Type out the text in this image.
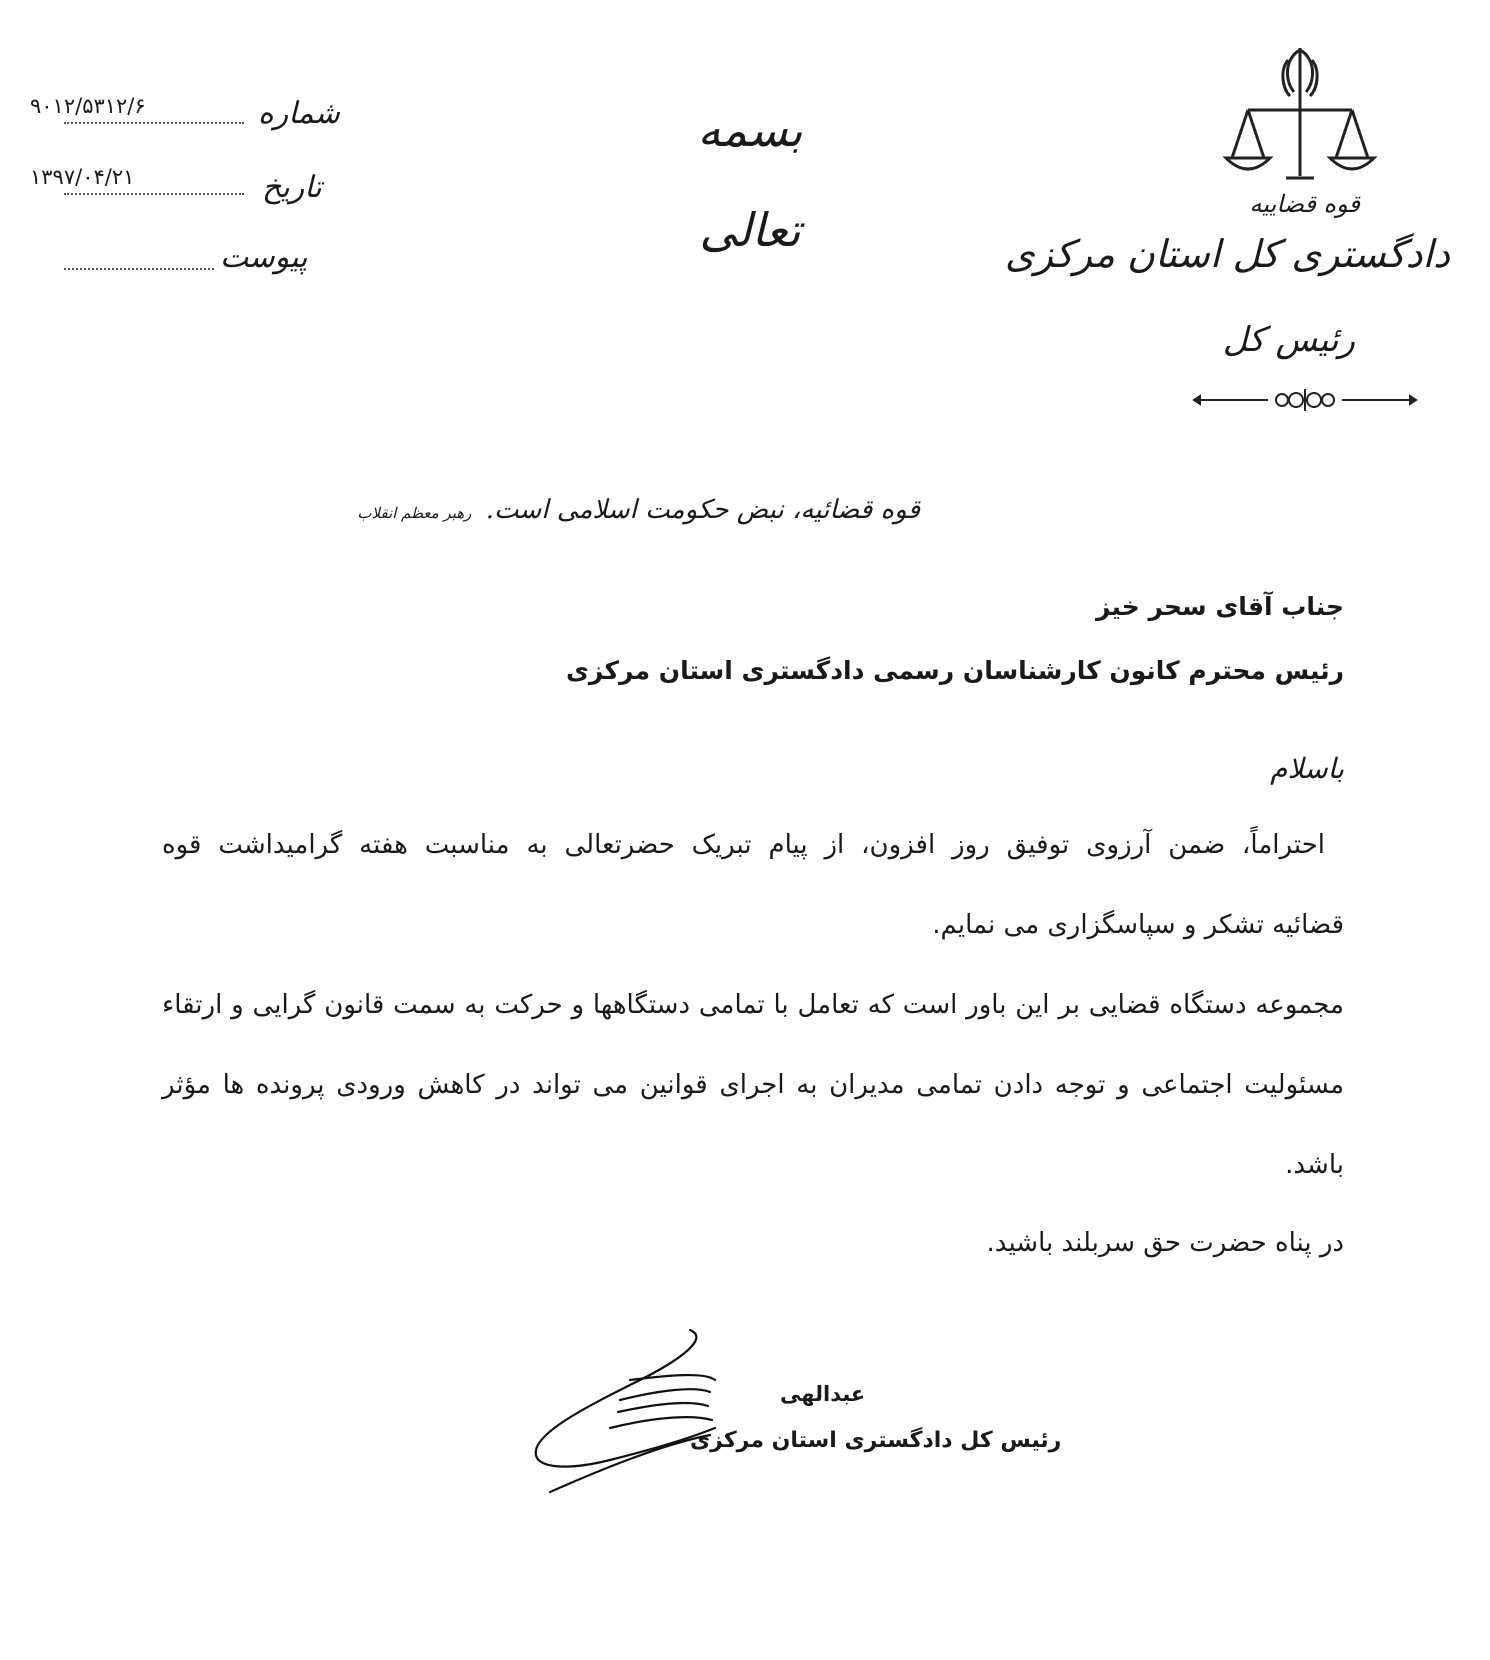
قوه قضاییه
دادگستری کل استان مرکزی
رئیس کل
بسمه تعالی
شماره
۹۰۱۲/۵۳۱۲/۶
تاریخ
۱۳۹۷/۰۴/۲۱
پیوست
قوه قضائیه، نبض حکومت اسلامی است. رهبر معظم انقلاب
جناب آقای سحر خیز
رئیس محترم کانون کارشناسان رسمی دادگستری استان مرکزی
باسلام
احتراماً، ضمن آرزوی توفیق روز افزون، از پیام تبریک حضرتعالی به مناسبت هفته گرامیداشت قوه
قضائیه تشکر و سپاسگزاری می نمایم.
مجموعه دستگاه قضایی بر این باور است که تعامل با تمامی دستگاهها و حرکت به سمت قانون گرایی و ارتقاء
مسئولیت اجتماعی و توجه دادن تمامی مدیران به اجرای قوانین می تواند در کاهش ورودی پرونده ها مؤثر
باشد.
در پناه حضرت حق سربلند باشید.
عبدالهی
رئیس کل دادگستری استان مرکزی
